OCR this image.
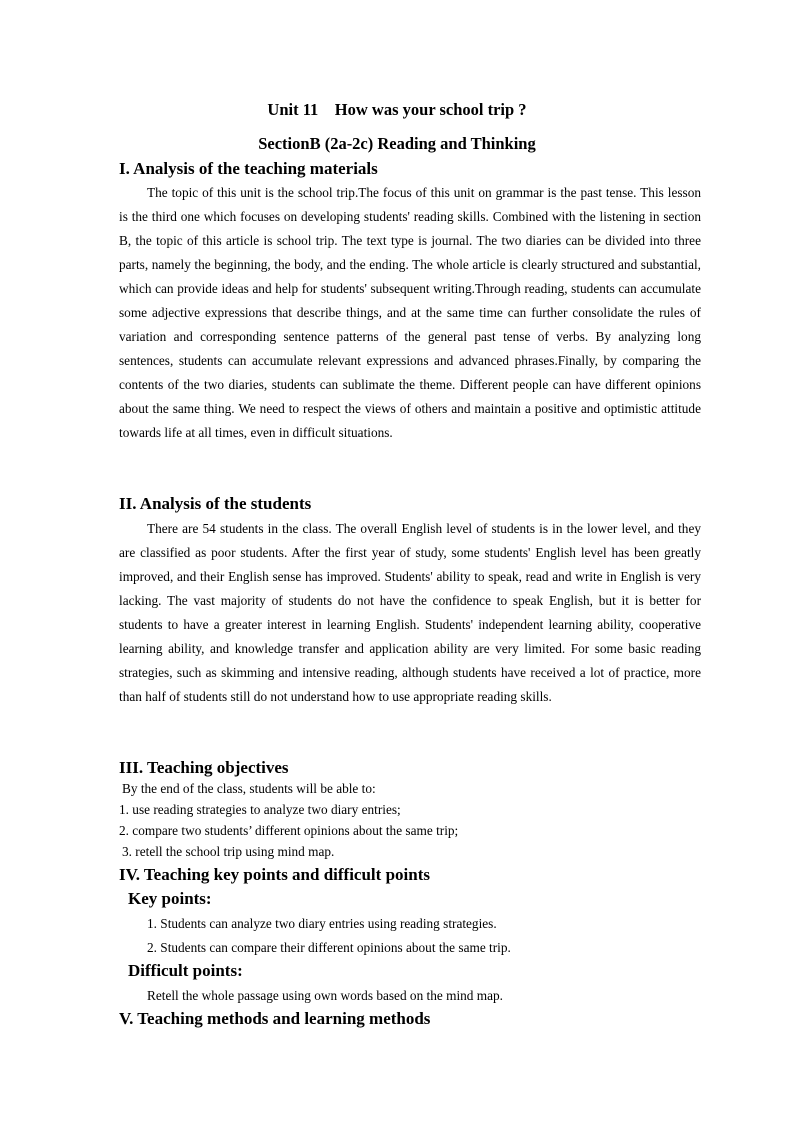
Unit 11    How was your school trip ?
SectionB (2a-2c) Reading and Thinking
I. Analysis of the teaching materials
The topic of this unit is the school trip.The focus of this unit on grammar is the past tense. This lesson is the third one which focuses on developing students' reading skills. Combined with the listening in section B, the topic of this article is school trip. The text type is journal. The two diaries can be divided into three parts, namely the beginning, the body, and the ending. The whole article is clearly structured and substantial, which can provide ideas and help for students' subsequent writing.Through reading, students can accumulate some adjective expressions that describe things, and at the same time can further consolidate the rules of variation and corresponding sentence patterns of the general past tense of verbs. By analyzing long sentences, students can accumulate relevant expressions and advanced phrases.Finally, by comparing the contents of the two diaries, students can sublimate the theme. Different people can have different opinions about the same thing. We need to respect the views of others and maintain a positive and optimistic attitude towards life at all times, even in difficult situations.
II. Analysis of the students
There are 54 students in the class. The overall English level of students is in the lower level, and they are classified as poor students. After the first year of study, some students' English level has been greatly improved, and their English sense has improved. Students' ability to speak, read and write in English is very lacking. The vast majority of students do not have the confidence to speak English, but it is better for students to have a greater interest in learning English. Students' independent learning ability, cooperative learning ability, and knowledge transfer and application ability are very limited. For some basic reading strategies, such as skimming and intensive reading, although students have received a lot of practice, more than half of students still do not understand how to use appropriate reading skills.
III. Teaching objectives
By the end of the class, students will be able to:
1. use reading strategies to analyze two diary entries;
2. compare two students’ different opinions about the same trip;
3. retell the school trip using mind map.
IV. Teaching key points and difficult points
Key points:
1. Students can analyze two diary entries using reading strategies.
2. Students can compare their different opinions about the same trip.
Difficult points:
Retell the whole passage using own words based on the mind map.
V. Teaching methods and learning methods
